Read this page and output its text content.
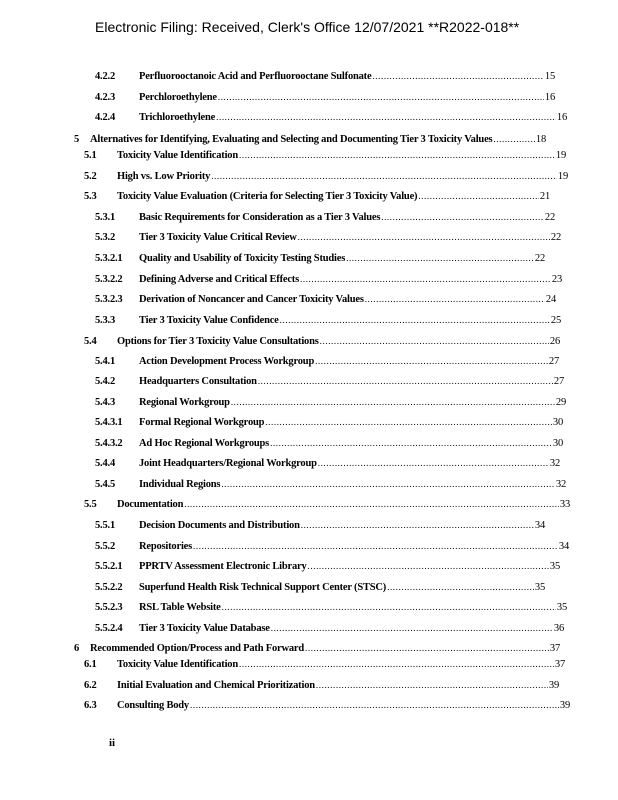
Electronic Filing: Received, Clerk's Office 12/07/2021 **R2022-018**
4.2.2	Perfluorooctanoic Acid and Perfluorooctane Sulfonate .....	15
4.2.3	Perchloroethylene .....	16
4.2.4	Trichloroethylene .....	16
5	Alternatives for Identifying, Evaluating and Selecting and Documenting Tier 3 Toxicity Values .....	18
5.1	Toxicity Value Identification .....	19
5.2	High vs. Low Priority .....	19
5.3	Toxicity Value Evaluation (Criteria for Selecting Tier 3 Toxicity Value) .....	21
5.3.1	Basic Requirements for Consideration as a Tier 3 Values .....	22
5.3.2	Tier 3 Toxicity Value Critical Review .....	22
5.3.2.1	Quality and Usability of Toxicity Testing Studies .....	22
5.3.2.2	Defining Adverse and Critical Effects .....	23
5.3.2.3	Derivation of Noncancer and Cancer Toxicity Values .....	24
5.3.3	Tier 3 Toxicity Value Confidence .....	25
5.4	Options for Tier 3 Toxicity Value Consultations .....	26
5.4.1	Action Development Process Workgroup .....	27
5.4.2	Headquarters Consultation .....	27
5.4.3	Regional Workgroup .....	29
5.4.3.1	Formal Regional Workgroup .....	30
5.4.3.2	Ad Hoc Regional Workgroups .....	30
5.4.4	Joint Headquarters/Regional Workgroup .....	32
5.4.5	Individual Regions .....	32
5.5	Documentation .....	33
5.5.1	Decision Documents and Distribution .....	34
5.5.2	Repositories .....	34
5.5.2.1	PPRTV Assessment Electronic Library .....	35
5.5.2.2	Superfund Health Risk Technical Support Center (STSC) .....	35
5.5.2.3	RSL Table Website .....	35
5.5.2.4	Tier 3 Toxicity Value Database .....	36
6	Recommended Option/Process and Path Forward .....	37
6.1	Toxicity Value Identification .....	37
6.2	Initial Evaluation and Chemical Prioritization .....	39
6.3	Consulting Body .....	39
ii
